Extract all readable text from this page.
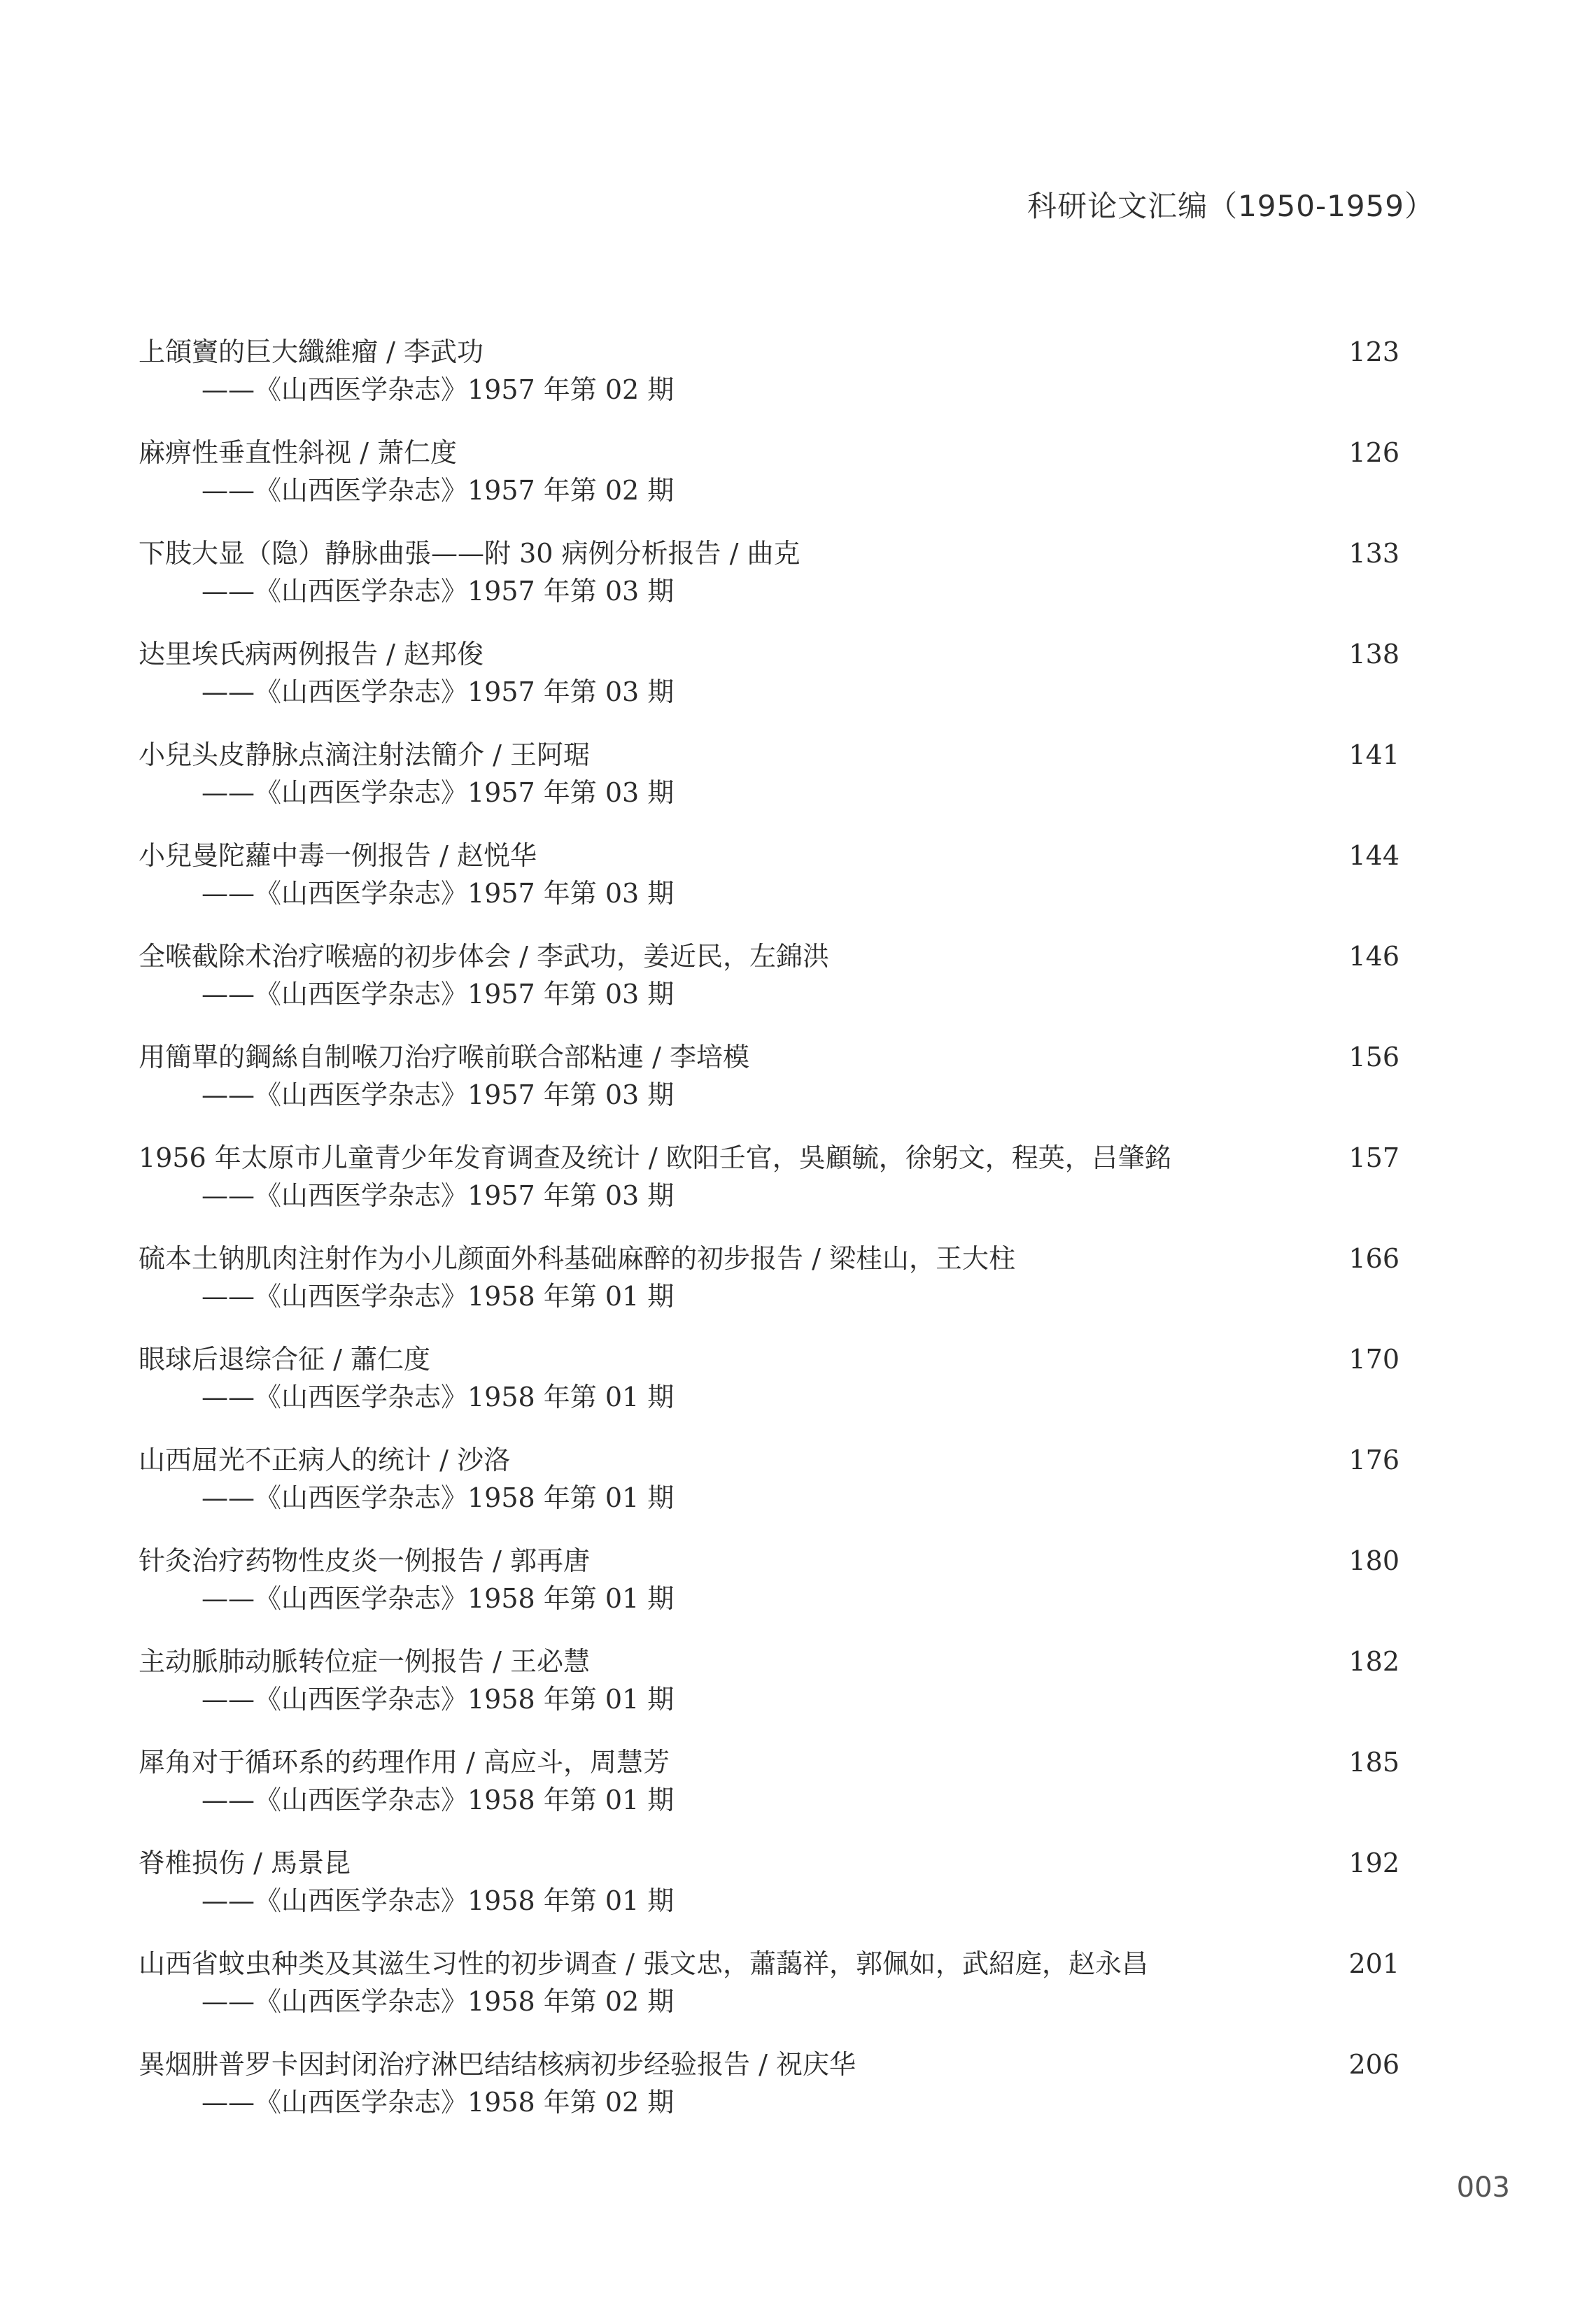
科研论文汇编（1950-1959）
上頜竇的巨大纖維瘤 / 李武功	123
——《山西医学杂志》1957 年第 02 期
麻痹性垂直性斜视 / 萧仁度	126
——《山西医学杂志》1957 年第 02 期
下肢大显（隐）静脉曲張——附 30 病例分析报告 / 曲克	133
——《山西医学杂志》1957 年第 03 期
达里埃氏病两例报告 / 赵邦俊	138
——《山西医学杂志》1957 年第 03 期
小兒头皮静脉点滴注射法簡介 / 王阿琚	141
——《山西医学杂志》1957 年第 03 期
小兒曼陀蘿中毒一例报告 / 赵悦华	144
——《山西医学杂志》1957 年第 03 期
全喉截除术治疗喉癌的初步体会 / 李武功，姜近民，左錦洪	146
——《山西医学杂志》1957 年第 03 期
用簡單的鋼絲自制喉刀治疗喉前联合部粘連 / 李培模	156
——《山西医学杂志》1957 年第 03 期
1956 年太原市儿童青少年发育调查及统计 / 欧阳壬官，吳顧毓，徐躬文，程英，吕肇銘	157
——《山西医学杂志》1957 年第 03 期
硫本土钠肌肉注射作为小儿颜面外科基础麻醉的初步报告 / 梁桂山，王大柱	166
——《山西医学杂志》1958 年第 01 期
眼球后退综合征 / 蕭仁度	170
——《山西医学杂志》1958 年第 01 期
山西屈光不正病人的统计 / 沙洛	176
——《山西医学杂志》1958 年第 01 期
针灸治疗药物性皮炎一例报告 / 郭再唐	180
——《山西医学杂志》1958 年第 01 期
主动脈肺动脈转位症一例报告 / 王必慧	182
——《山西医学杂志》1958 年第 01 期
犀角对于循环系的药理作用 / 高应斗，周慧芳	185
——《山西医学杂志》1958 年第 01 期
脊椎损伤 / 馬景昆	192
——《山西医学杂志》1958 年第 01 期
山西省蚊虫种类及其滋生习性的初步调查 / 張文忠，蕭藹祥，郭佩如，武紹庭，赵永昌	201
——《山西医学杂志》1958 年第 02 期
異烟肼普罗卡因封闭治疗淋巴结结核病初步经验报告 / 祝庆华	206
——《山西医学杂志》1958 年第 02 期
003
